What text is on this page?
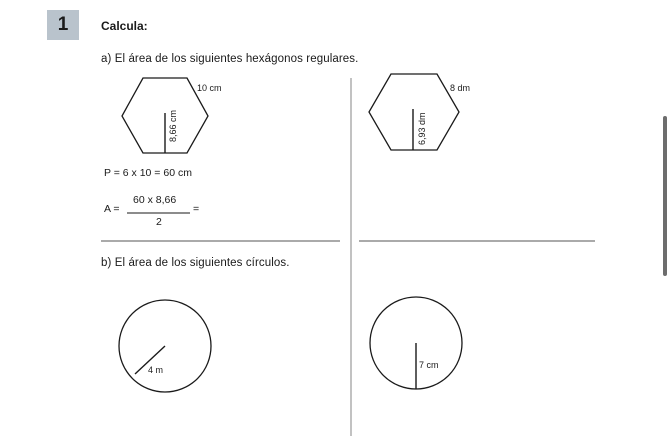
1	Calcula:
a) El área de los siguientes hexágonos regulares.
10 cm
8,66 cm
8 dm
6,93 dm
P = 6 x 10 = 60 cm
A =
60 x 8,66
2
=
b) El área de los siguientes círculos.
4 m	7 cm
